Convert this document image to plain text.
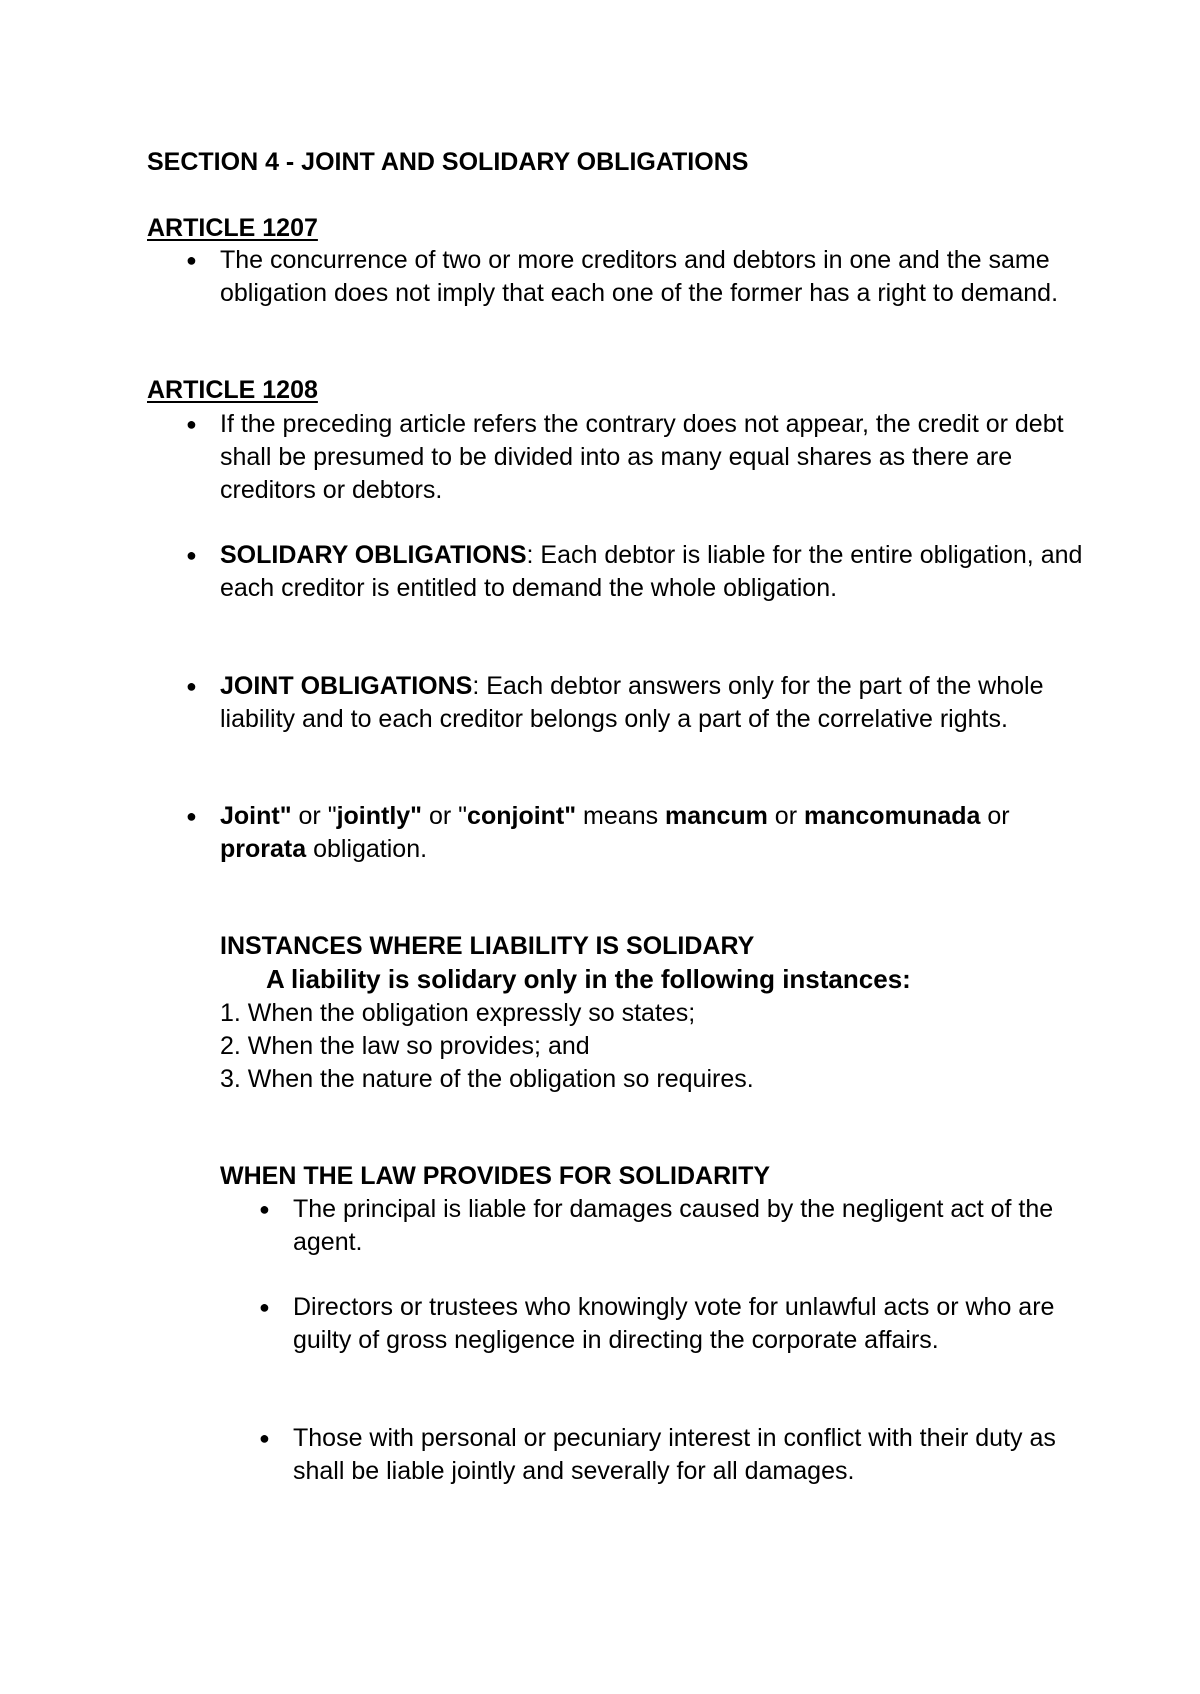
SECTION 4 - JOINT AND SOLIDARY OBLIGATIONS
ARTICLE 1207
● The concurrence of two or more creditors and debtors in one and the same obligation does not imply that each one of the former has a right to demand.
ARTICLE 1208
● If the preceding article refers the contrary does not appear, the credit or debt shall be presumed to be divided into as many equal shares as there are creditors or debtors.
● SOLIDARY OBLIGATIONS: Each debtor is liable for the entire obligation, and each creditor is entitled to demand the whole obligation.
● JOINT OBLIGATIONS: Each debtor answers only for the part of the whole liability and to each creditor belongs only a part of the correlative rights.
● Joint" or "jointly" or "conjoint" means mancum or mancomunada or prorata obligation.
INSTANCES WHERE LIABILITY IS SOLIDARY
A liability is solidary only in the following instances:
1. When the obligation expressly so states;
2. When the law so provides; and
3. When the nature of the obligation so requires.
WHEN THE LAW PROVIDES FOR SOLIDARITY
● The principal is liable for damages caused by the negligent act of the agent.
● Directors or trustees who knowingly vote for unlawful acts or who are guilty of gross negligence in directing the corporate affairs.
● Those with personal or pecuniary interest in conflict with their duty as shall be liable jointly and severally for all damages.
